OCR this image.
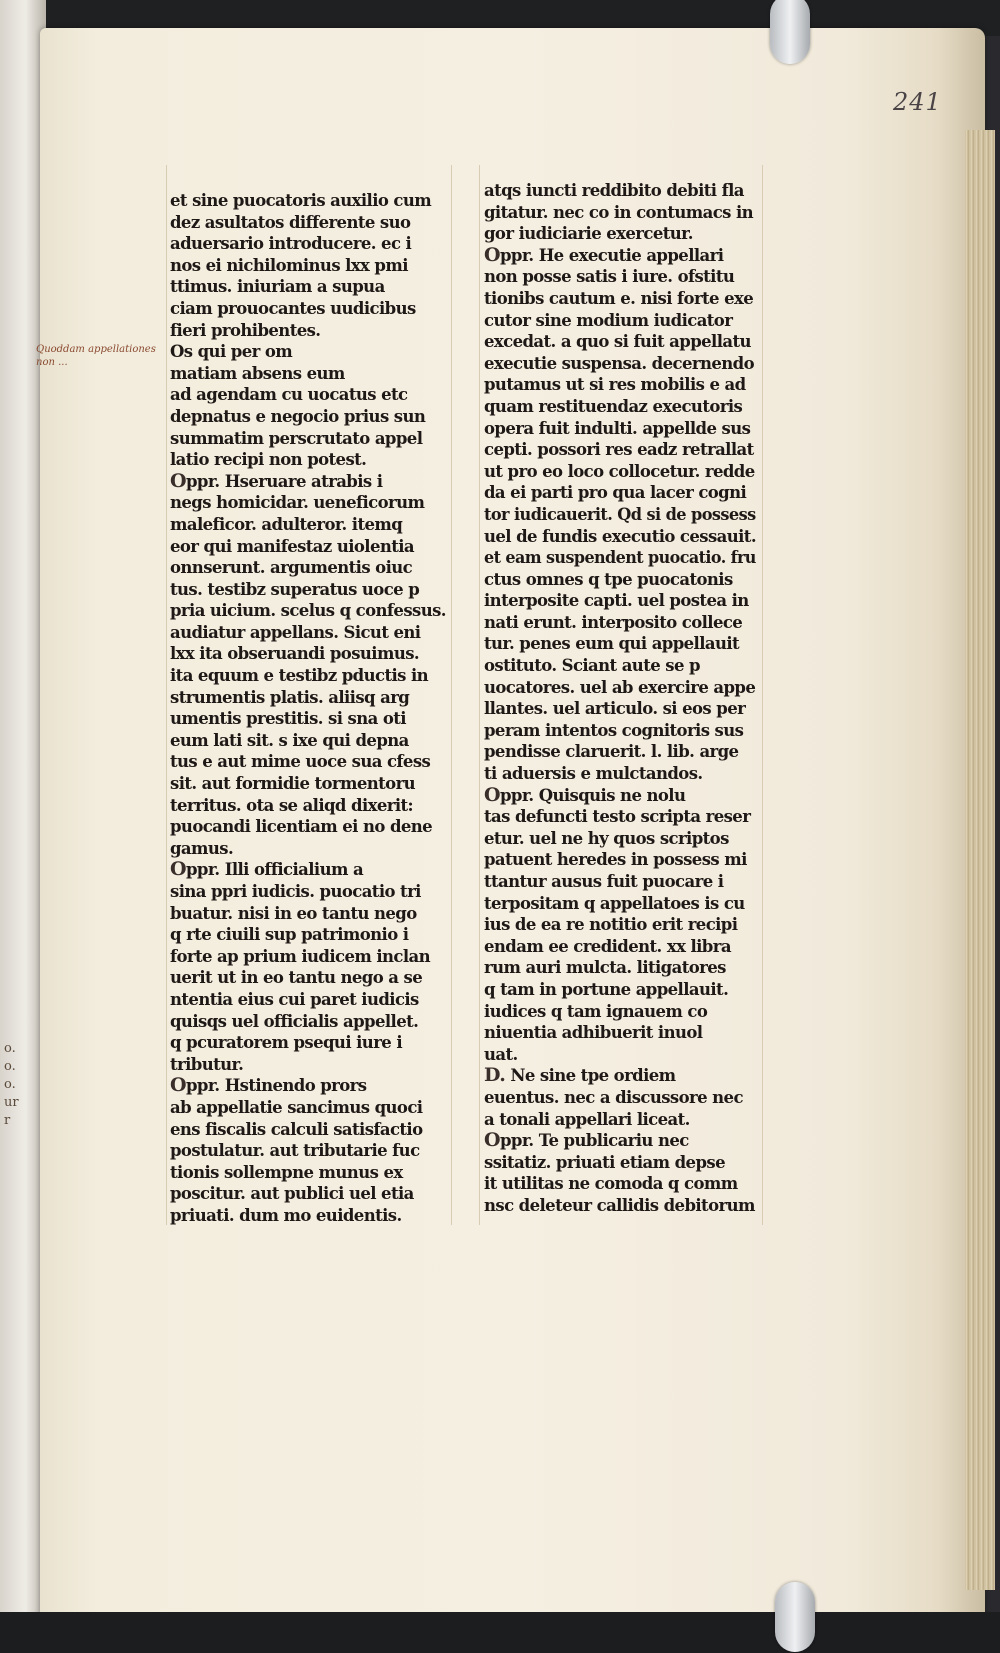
o. o. o. ur r
241
Quoddam appellationes non ...
et sine puocatoris auxilio cum
dez asultatos differente suo
aduersario introducere. ec i
nos ei nichilominus lxx pmi
ttimus. iniuriam a supua
ciam prouocantes uudicibus
fieri prohibentes.
Os qui per om
matiam absens eum
ad agendam cu uocatus etc
depnatus e negocio prius sun
summatim perscrutato appel
latio recipi non potest.
Oppr. Hseruare atrabis i
negs homicidar. ueneficorum
maleficor. adulteror. itemq
eor qui manifestaz uiolentia
onnserunt. argumentis oiuc
tus. testibz superatus uoce p
pria uicium. scelus q confessus.
audiatur appellans. Sicut eni
lxx ita obseruandi posuimus.
ita equum e testibz pductis in
strumentis platis. aliisq arg
umentis prestitis. si sna oti
eum lati sit. s ixe qui depna
tus e aut mime uoce sua cfess
sit. aut formidie tormentoru
territus. ota se aliqd dixerit:
puocandi licentiam ei no dene
gamus.
Oppr. Illi officialium a
sina ppri iudicis. puocatio tri
buatur. nisi in eo tantu nego
q rte ciuili sup patrimonio i
forte ap prium iudicem inclan
uerit ut in eo tantu nego a se
ntentia eius cui paret iudicis
quisqs uel officialis appellet.
q pcuratorem psequi iure i
tributur.
Oppr. Hstinendo prors
ab appellatie sancimus quoci
ens fiscalis calculi satisfactio
postulatur. aut tributarie fuc
tionis sollempne munus ex
poscitur. aut publici uel etia
priuati. dum mo euidentis.
atqs iuncti reddibito debiti fla
gitatur. nec co in contumacs in
gor iudiciarie exercetur.
Oppr. He executie appellari
non posse satis i iure. ofstitu
tionibs cautum e. nisi forte exe
cutor sine modium iudicator
excedat. a quo si fuit appellatu
executie suspensa. decernendo
putamus ut si res mobilis e ad
quam restituendaz executoris
opera fuit indulti. appellde sus
cepti. possori res eadz retrallat
ut pro eo loco collocetur. redde
da ei parti pro qua lacer cogni
tor iudicauerit. Qd si de possess
uel de fundis executio cessauit.
et eam suspendent puocatio. fru
ctus omnes q tpe puocatonis
interposite capti. uel postea in
nati erunt. interposito collece
tur. penes eum qui appellauit
ostituto. Sciant aute se p
uocatores. uel ab exercire appe
llantes. uel articulo. si eos per
peram intentos cognitoris sus
pendisse claruerit. l. lib. arge
ti aduersis e mulctandos.
Oppr. Quisquis ne nolu
tas defuncti testo scripta reser
etur. uel ne hy quos scriptos
patuent heredes in possess mi
ttantur ausus fuit puocare i
terpositam q appellatoes is cu
ius de ea re notitio erit recipi
endam ee credident. xx libra
rum auri mulcta. litigatores
q tam in portune appellauit.
iudices q tam ignauem co
niuentia adhibuerit inuol
uat.
D. Ne sine tpe ordiem
euentus. nec a discussore nec
a tonali appellari liceat.
Oppr. Te publicariu nec
ssitatiz. priuati etiam depse
it utilitas ne comoda q comm
nsc deleteur callidis debitorum
